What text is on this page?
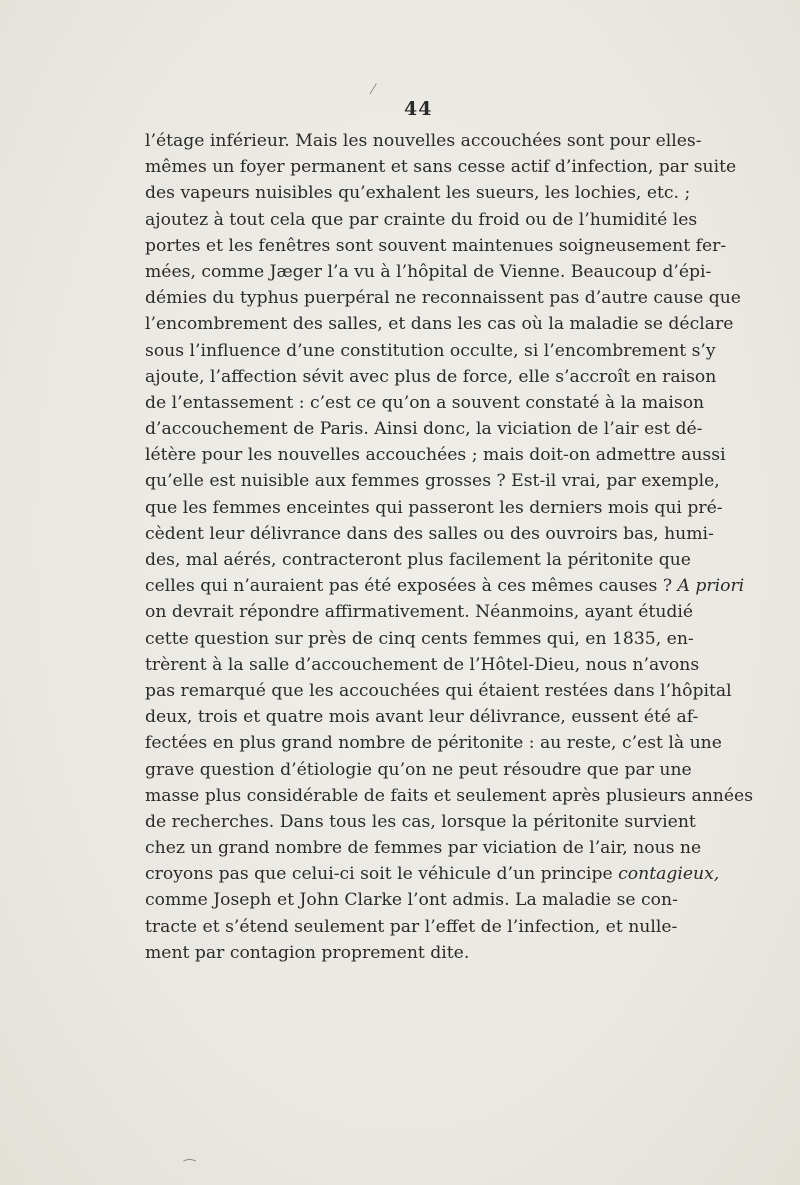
⁄
44
l’étage inférieur. Mais les nouvelles accouchées sont pour elles-
mêmes un foyer permanent et sans cesse actif d’infection, par suite
des vapeurs nuisibles qu’exhalent les sueurs, les lochies, etc. ;
ajoutez à tout cela que par crainte du froid ou de l’humidité les
portes et les fenêtres sont souvent maintenues soigneusement fer-
mées, comme Jæger l’a vu à l’hôpital de Vienne. Beaucoup d’épi-
démies du typhus puerpéral ne reconnaissent pas d’autre cause que
l’encombrement des salles, et dans les cas où la maladie se déclare
sous l’influence d’une constitution occulte, si l’encombrement s’y
ajoute, l’affection sévit avec plus de force, elle s’accroît en raison
de l’entassement : c’est ce qu’on a souvent constaté à la maison
d’accouchement de Paris. Ainsi donc, la viciation de l’air est dé-
létère pour les nouvelles accouchées ; mais doit-on admettre aussi
qu’elle est nuisible aux femmes grosses ? Est-il vrai, par exemple,
que les femmes enceintes qui passeront les derniers mois qui pré-
cèdent leur délivrance dans des salles ou des ouvroirs bas, humi-
des, mal aérés, contracteront plus facilement la péritonite que
celles qui n’auraient pas été exposées à ces mêmes causes ? A priori
on devrait répondre affirmativement. Néanmoins, ayant étudié
cette question sur près de cinq cents femmes qui, en 1835, en-
trèrent à la salle d’accouchement de l’Hôtel-Dieu, nous n’avons
pas remarqué que les accouchées qui étaient restées dans l’hôpital
deux, trois et quatre mois avant leur délivrance, eussent été af-
fectées en plus grand nombre de péritonite : au reste, c’est là une
grave question d’étiologie qu’on ne peut résoudre que par une
masse plus considérable de faits et seulement après plusieurs années
de recherches. Dans tous les cas, lorsque la péritonite survient
chez un grand nombre de femmes par viciation de l’air, nous ne
croyons pas que celui-ci soit le véhicule d’un principe contagieux,
comme Joseph et John Clarke l’ont admis. La maladie se con-
tracte et s’étend seulement par l’effet de l’infection, et nulle-
ment par contagion proprement dite.
⁀
